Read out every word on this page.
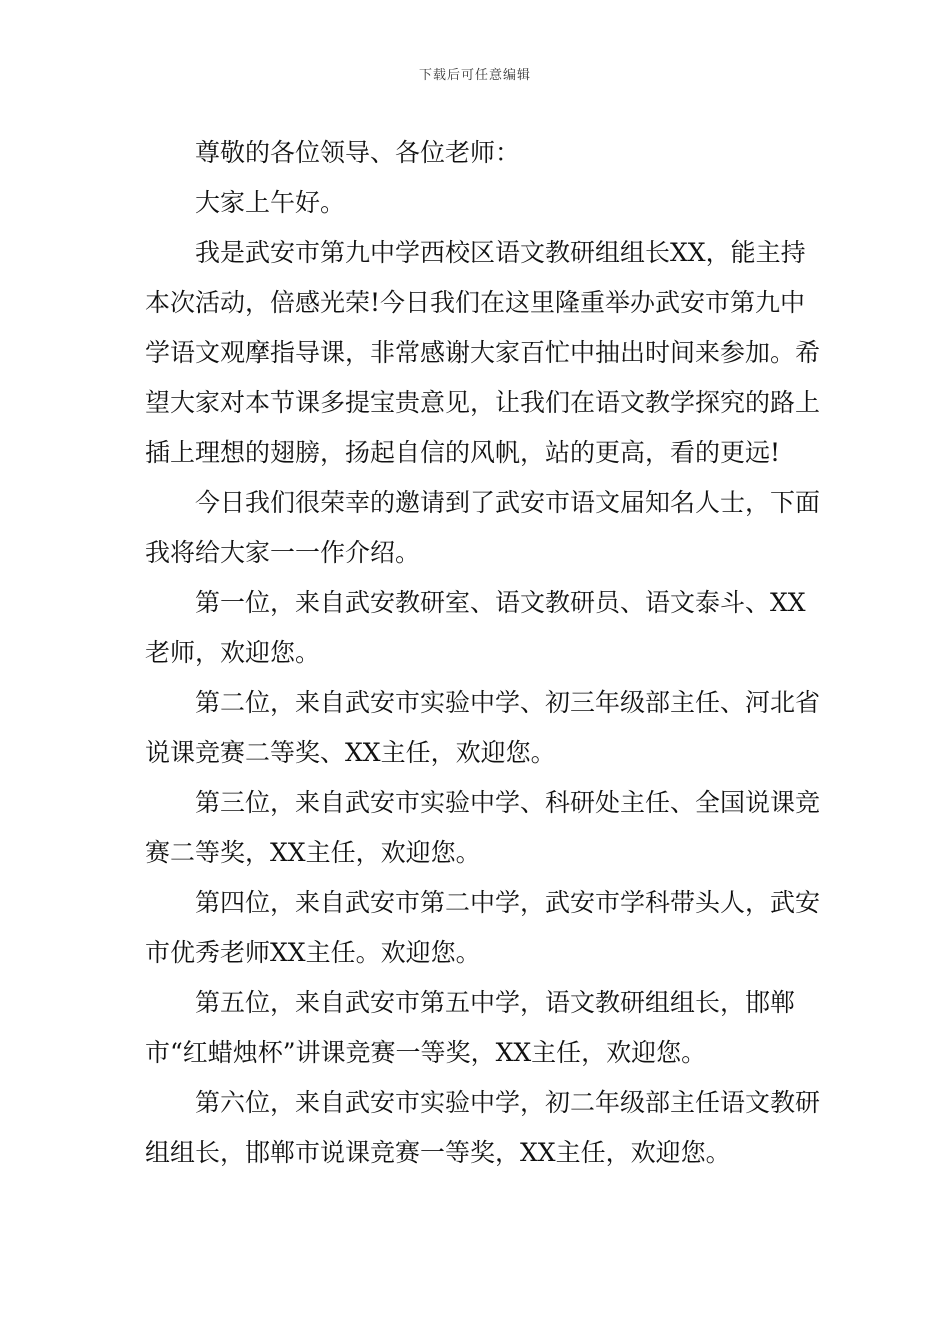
下载后可任意编辑

尊敬的各位领导、各位老师：

大家上午好。

我是武安市第九中学西校区语文教研组组长XX，能主持本次活动，倍感光荣!今日我们在这里隆重举办武安市第九中学语文观摩指导课，非常感谢大家百忙中抽出时间来参加。希望大家对本节课多提宝贵意见，让我们在语文教学探究的路上插上理想的翅膀，扬起自信的风帆，站的更高，看的更远!

今日我们很荣幸的邀请到了武安市语文届知名人士，下面我将给大家一一作介绍。

第一位，来自武安教研室、语文教研员、语文泰斗、XX老师，欢迎您。

第二位，来自武安市实验中学、初三年级部主任、河北省说课竞赛二等奖、XX主任，欢迎您。

第三位，来自武安市实验中学、科研处主任、全国说课竞赛二等奖，XX主任，欢迎您。

第四位，来自武安市第二中学，武安市学科带头人，武安市优秀老师XX主任。欢迎您。

第五位，来自武安市第五中学，语文教研组组长，邯郸市“红蜡烛杯”讲课竞赛一等奖，XX主任，欢迎您。

第六位，来自武安市实验中学，初二年级部主任语文教研组组长，邯郸市说课竞赛一等奖，XX主任，欢迎您。
